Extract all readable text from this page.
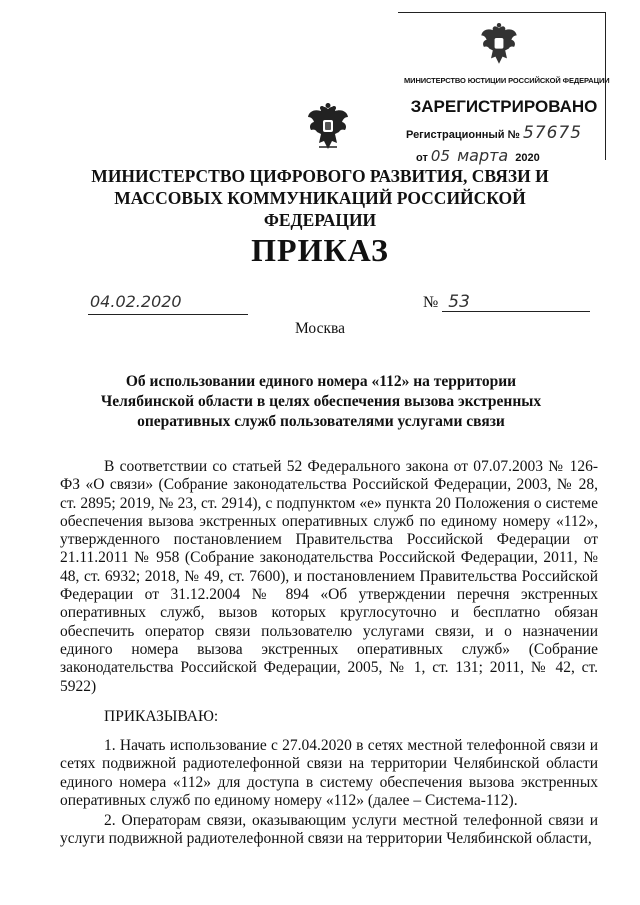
МИНИСТЕРСТВО ЮСТИЦИИ РОССИЙСКОЙ ФЕДЕРАЦИИ
ЗАРЕГИСТРИРОВАНО
Регистрационный № 57675
от 05 марта 2020
МИНИСТЕРСТВО ЦИФРОВОГО РАЗВИТИЯ, СВЯЗИ И
МАССОВЫХ КОММУНИКАЦИЙ РОССИЙСКОЙ ФЕДЕРАЦИИ
ПРИКАЗ
04.02.2020	№ 53
Москва
Об использовании единого номера «112» на территории Челябинской области в целях обеспечения вызова экстренных оперативных служб пользователями услугами связи
В соответствии со статьей 52 Федерального закона от 07.07.2003 № 126-ФЗ «О связи» (Собрание законодательства Российской Федерации, 2003, № 28, ст. 2895; 2019, № 23, ст. 2914), с подпунктом «е» пункта 20 Положения о системе обеспечения вызова экстренных оперативных служб по единому номеру «112», утвержденного постановлением Правительства Российской Федерации от 21.11.2011 № 958 (Собрание законодательства Российской Федерации, 2011, № 48, ст. 6932; 2018, № 49, ст. 7600), и постановлением Правительства Российской Федерации от 31.12.2004 № 894 «Об утверждении перечня экстренных оперативных служб, вызов которых круглосуточно и бесплатно обязан обеспечить оператор связи пользователю услугами связи, и о назначении единого номера вызова экстренных оперативных служб» (Собрание законодательства Российской Федерации, 2005, № 1, ст. 131; 2011, № 42, ст. 5922)
ПРИКАЗЫВАЮ:
1. Начать использование с 27.04.2020 в сетях местной телефонной связи и сетях подвижной радиотелефонной связи на территории Челябинской области единого номера «112» для доступа в систему обеспечения вызова экстренных оперативных служб по единому номеру «112» (далее – Система-112).
2. Операторам связи, оказывающим услуги местной телефонной связи и услуги подвижной радиотелефонной связи на территории Челябинской области,
